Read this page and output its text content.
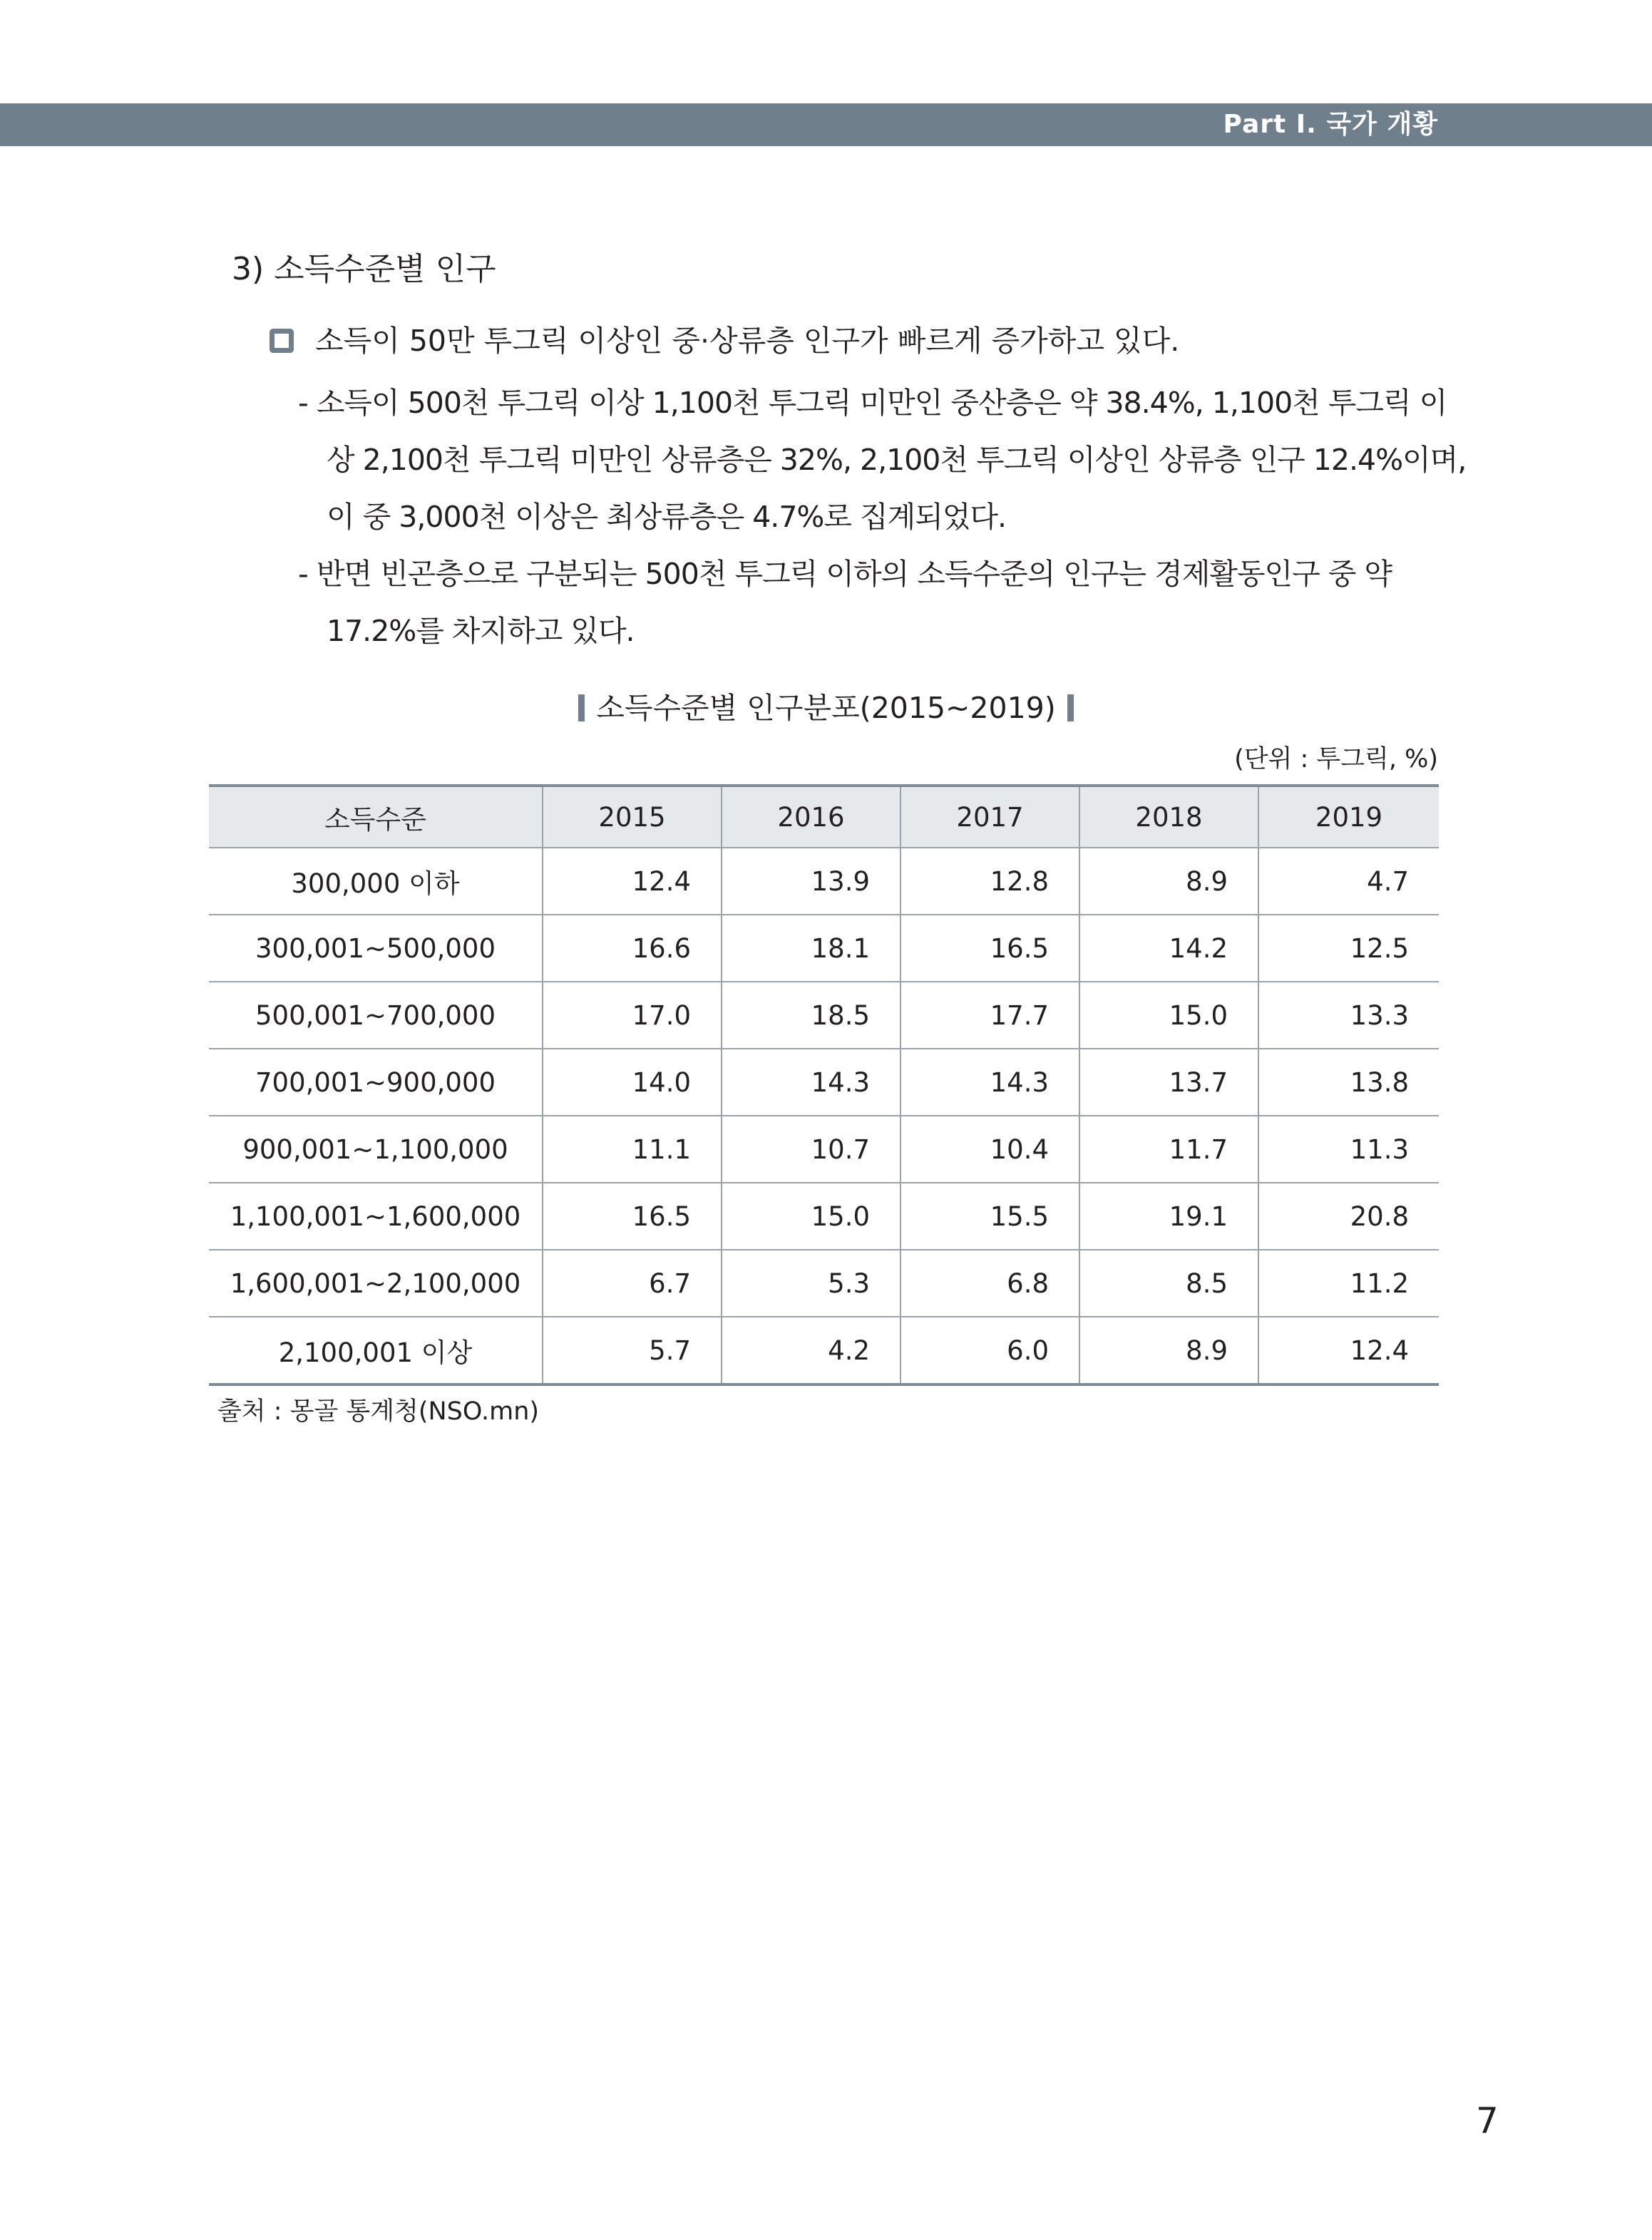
Part Ⅰ. 국가 개황
3) 소득수준별 인구
소득이 50만 투그릭 이상인 중·상류층 인구가 빠르게 증가하고 있다.
- 소득이 500천 투그릭 이상 1,100천 투그릭 미만인 중산층은 약 38.4%, 1,100천 투그릭 이상 2,100천 투그릭 미만인 상류층은 32%, 2,100천 투그릭 이상인 상류층 인구 12.4%이며, 이 중 3,000천 이상은 최상류층은 4.7%로 집계되었다.
- 반면 빈곤층으로 구분되는 500천 투그릭 이하의 소득수준의 인구는 경제활동인구 중 약 17.2%를 차지하고 있다.
소득수준별 인구분포(2015~2019)
(단위 : 투그릭, %)
소득수준	2015	2016	2017	2018	2019
300,000 이하	12.4	13.9	12.8	8.9	4.7
300,001~500,000	16.6	18.1	16.5	14.2	12.5
500,001~700,000	17.0	18.5	17.7	15.0	13.3
700,001~900,000	14.0	14.3	14.3	13.7	13.8
900,001~1,100,000	11.1	10.7	10.4	11.7	11.3
1,100,001~1,600,000	16.5	15.0	15.5	19.1	20.8
1,600,001~2,100,000	6.7	5.3	6.8	8.5	11.2
2,100,001 이상	5.7	4.2	6.0	8.9	12.4
출처 : 몽골 통계청(NSO.mn)
7
